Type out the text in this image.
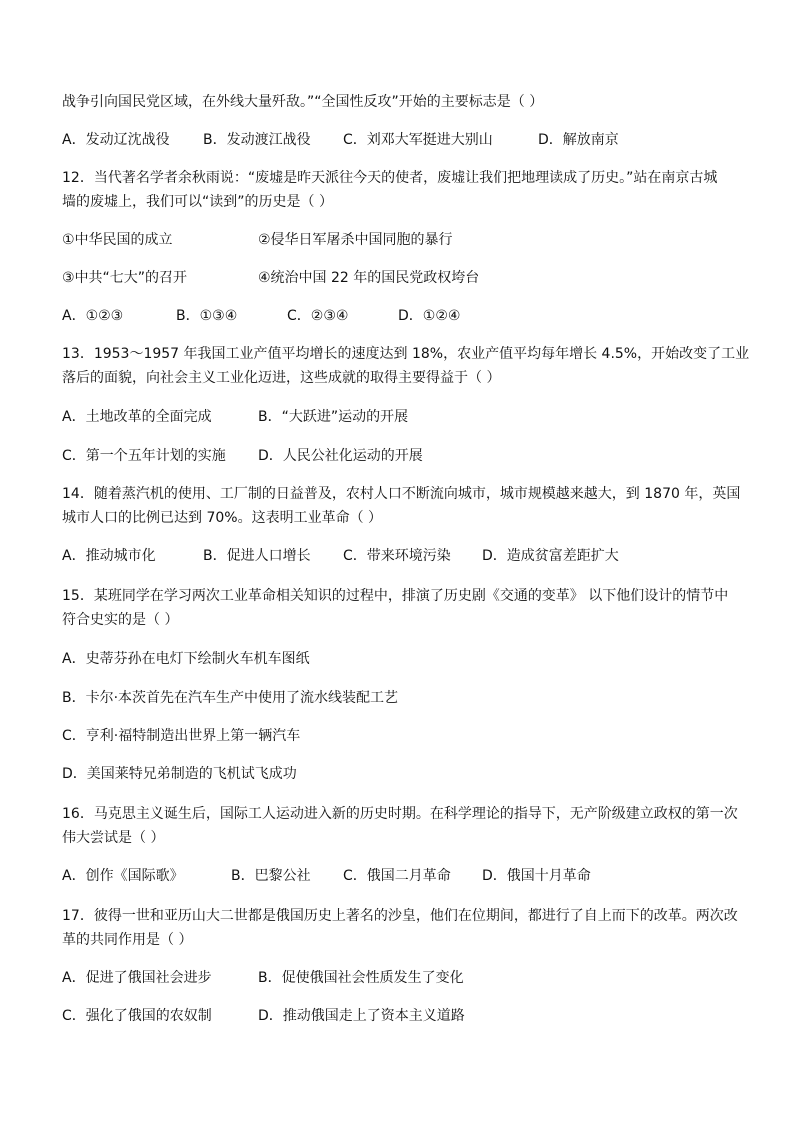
战争引向国民党区域，在外线大量歼敌。”“全国性反攻”开始的主要标志是（ ）
A．发动辽沈战役 B．发动渡江战役 C．刘邓大军挺进大别山	D．解放南京
12．当代著名学者余秋雨说：“废墟是昨天派往今天的使者，废墟让我们把地理读成了历史。”站在南京古城
墙的废墟上，我们可以“读到”的历史是（ ）
①中华民国的成立	②侵华日军屠杀中国同胞的暴行
③中共“七大”的召开	④统治中国 22 年的国民党政权垮台
A．①②③	B．①③④	C．②③④	D．①②④
13．1953～1957 年我国工业产值平均增长的速度达到 18%，农业产值平均每年增长 4.5%，开始改变了工业
落后的面貌，向社会主义工业化迈进，这些成就的取得主要得益于（ ）
A．土地改革的全面完成	B．“大跃进”运动的开展
C．第一个五年计划的实施 D．人民公社化运动的开展
14．随着蒸汽机的使用、工厂制的日益普及，农村人口不断流向城市，城市规模越来越大，到 1870 年，英国
城市人口的比例已达到 70%。这表明工业革命（ ）
A．推动城市化	B．促进人口增长 C．带来环境污染 D．造成贫富差距扩大
15．某班同学在学习两次工业革命相关知识的过程中，排演了历史剧《交通的变革》 以下他们设计的情节中
符合史实的是（ ）
A．史蒂芬孙在电灯下绘制火车机车图纸
B．卡尔·本茨首先在汽车生产中使用了流水线装配工艺
C．亨利·福特制造出世界上第一辆汽车
D．美国莱特兄弟制造的飞机试飞成功
16．马克思主义诞生后，国际工人运动进入新的历史时期。在科学理论的指导下，无产阶级建立政权的第一次
伟大尝试是（ ）
A．创作《国际歌》	B．巴黎公社 C．俄国二月革命 D．俄国十月革命
17．彼得一世和亚历山大二世都是俄国历史上著名的沙皇，他们在位期间，都进行了自上而下的改革。两次改
革的共同作用是（ ）
A．促进了俄国社会进步	B．促使俄国社会性质发生了变化
C．强化了俄国的农奴制	D．推动俄国走上了资本主义道路
